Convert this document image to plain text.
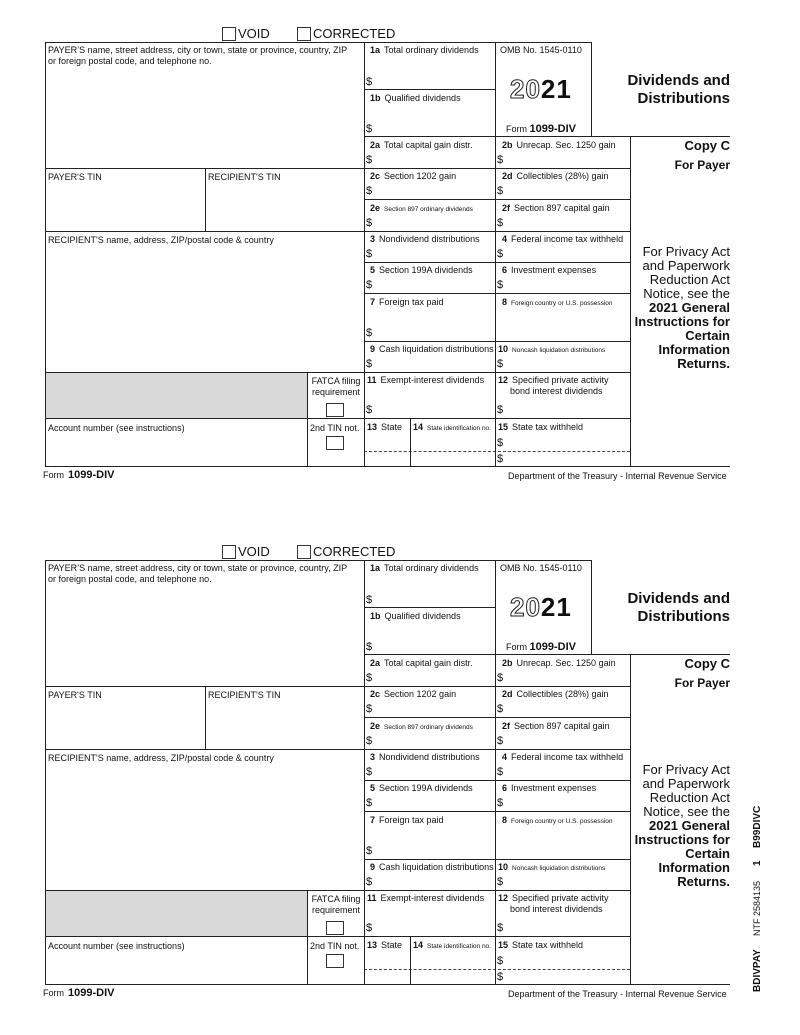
VOID	CORRECTED
PAYER’S name, street address, city or town, state or province, country, ZIP
or foreign postal code, and telephone no.
PAYER'S TIN	RECIPIENT'S TIN
RECIPIENT'S name, address, ZIP/postal code & country
FATCA filing requirement
Account number (see instructions)	2nd TIN not.
1a Total ordinary dividends
$
1b Qualified dividends
$
2a Total capital gain distr.
$
2c Section 1202 gain
$
2e Section 897 ordinary dividends
$
3 Nondividend distributions
$
5 Section 199A dividends
$
7 Foreign tax paid
$
9 Cash liquidation distributions
$
11 Exempt-interest dividends
$
13 State 14 State identification no.
OMB No. 1545-0110
2021
Form 1099-DIV
2b Unrecap. Sec. 1250 gain
$
2d Collectibles (28%) gain
$
2f Section 897 capital gain
$
4 Federal income tax withheld
$
6 Investment expenses
$
8 Foreign country or U.S. possession
10 Noncash liquidation distributions
$
12 Specified private activity
bond interest dividends
$
15 State tax withheld
$
$
Dividends and
Distributions
Copy C
For Payer
For Privacy Act
and Paperwork
Reduction Act
Notice, see the
2021 General
Instructions for
Certain
Information
Returns.
Form 1099-DIV	Department of the Treasury - Internal Revenue Service
VOID	CORRECTED
PAYER’S name, street address, city or town, state or province, country, ZIP
or foreign postal code, and telephone no.
PAYER'S TIN	RECIPIENT'S TIN
RECIPIENT'S name, address, ZIP/postal code & country
FATCA filing requirement
Account number (see instructions)	2nd TIN not.
1a Total ordinary dividends
$
1b Qualified dividends
$
2a Total capital gain distr.
$
2c Section 1202 gain
$
2e Section 897 ordinary dividends
$
3 Nondividend distributions
$
5 Section 199A dividends
$
7 Foreign tax paid
$
9 Cash liquidation distributions
$
11 Exempt-interest dividends
$
13 State 14 State identification no.
OMB No. 1545-0110
2021
Form 1099-DIV
2b Unrecap. Sec. 1250 gain
$
2d Collectibles (28%) gain
$
2f Section 897 capital gain
$
4 Federal income tax withheld
$
6 Investment expenses
$
8 Foreign country or U.S. possession
10 Noncash liquidation distributions
$
12 Specified private activity
bond interest dividends
$
15 State tax withheld
$
$
Dividends and
Distributions
Copy C
For Payer
For Privacy Act
and Paperwork
Reduction Act
Notice, see the
2021 General
Instructions for
Certain
Information
Returns.
Form 1099-DIV	Department of the Treasury - Internal Revenue Service
B99DIVC
1
NTF 2584135
BDIVPAY
